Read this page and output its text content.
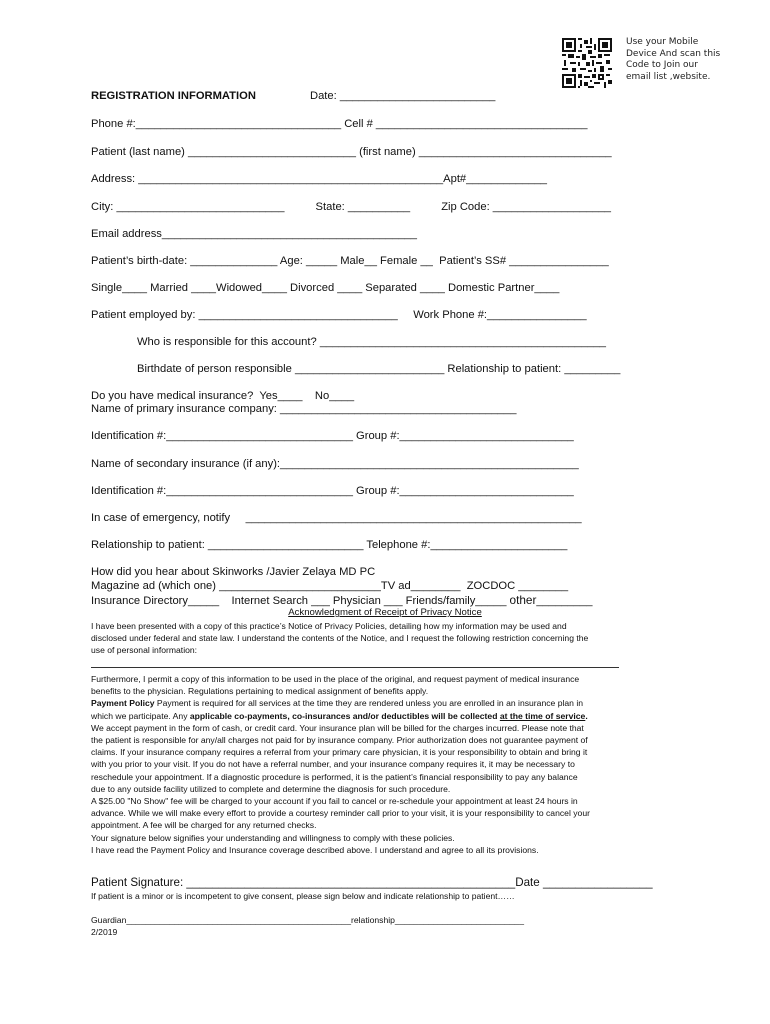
Use your Mobile
Device And scan this
Code to Join our
email list ,website.
REGISTRATION INFORMATION	Date: _________________________
Phone #:_________________________________ Cell # __________________________________
Patient (last name) ___________________________ (first name) _______________________________
Address: _________________________________________________Apt#_____________
City: ___________________________          State: __________          Zip Code: ___________________
Email address_________________________________________
Patient’s birth-date: ______________ Age: _____ Male__ Female __  Patient’s SS# ________________
Single____ Married ____Widowed____ Divorced ____ Separated ____ Domestic Partner____
Patient employed by: ________________________________     Work Phone #:________________
Who is responsible for this account? ______________________________________________
Birthdate of person responsible ________________________ Relationship to patient: _________
Do you have medical insurance?  Yes____    No____
Name of primary insurance company: ______________________________________
Identification #:______________________________ Group #:____________________________
Name of secondary insurance (if any):________________________________________________
Identification #:______________________________ Group #:____________________________
In case of emergency, notify     ______________________________________________________
Relationship to patient: _________________________ Telephone #:______________________
How did you hear about Skinworks /Javier Zelaya MD PC
Magazine ad (which one) __________________________TV ad________  ZOCDOC ________
Insurance Directory_____    Internet Search ___ Physician ___ Friends/family_____ other_________
Acknowledgment of Receipt of Privacy Notice

I have been presented with a copy of this practice’s Notice of Privacy Policies, detailing how my information may be used and

disclosed under federal and state law. I understand the contents of the Notice, and I request the following restriction concerning the

use of personal information:

Furthermore, I permit a copy of this information to be used in the place of the original, and request payment of medical insurance

benefits to the physician. Regulations pertaining to medical assignment of benefits apply.

Payment Policy Payment is required for all services at the time they are rendered unless you are enrolled in an insurance plan in

which we participate. Any applicable co-payments, co-insurances and/or deductibles will be collected at the time of service.

We accept payment in the form of cash, or credit card. Your insurance plan will be billed for the charges incurred. Please note that

the patient is responsible for any/all charges not paid for by insurance company. Prior authorization does not guarantee payment of

claims. If your insurance company requires a referral from your primary care physician, it is your responsibility to obtain and bring it

with you prior to your visit. If you do not have a referral number, and your insurance company requires it, it may be necessary to

reschedule your appointment. If a diagnostic procedure is performed, it is the patient’s financial responsibility to pay any balance

due to any outside facility utilized to complete and determine the diagnosis for such procedure.

A $25.00 "No Show" fee will be charged to your account if you fail to cancel or re-schedule your appointment at least 24 hours in

advance. While we will make every effort to provide a courtesy reminder call prior to your visit, it is your responsibility to cancel your

appointment. A fee will be charged for any returned checks.

Your signature below signifies your understanding and willingness to comply with these policies.

I have read the Payment Policy and Insurance coverage described above. I understand and agree to all its provisions.

Patient Signature: ___________________________________________________Date _________________

If patient is a minor or is incompetent to give consent, please sign below and indicate relationship to patient……

Guardian_______________________________________________relationship___________________________

2/2019
